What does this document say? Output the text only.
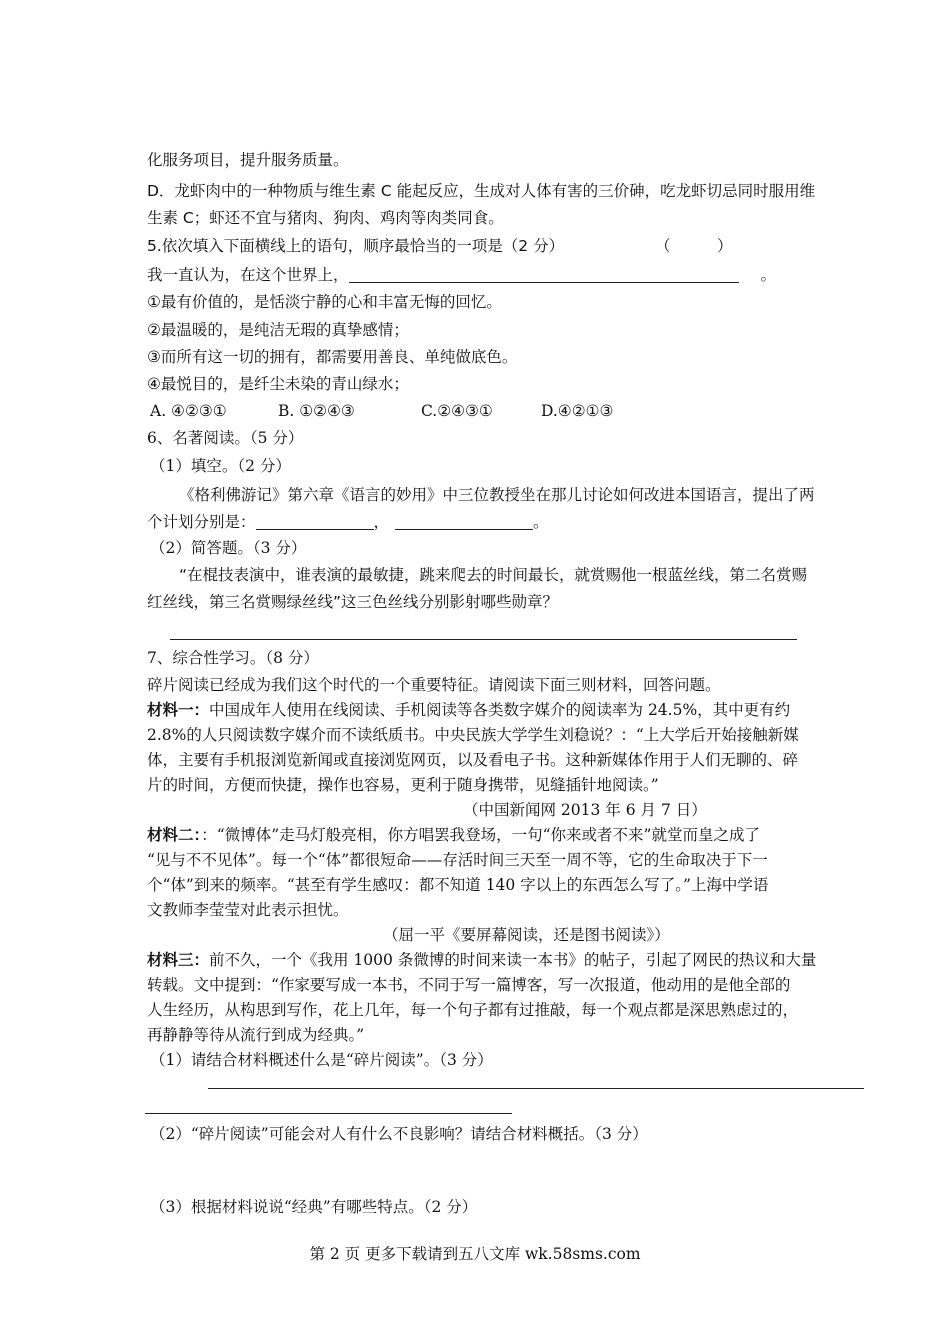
化服务项目，提升服务质量。
D．龙虾肉中的一种物质与维生素 C 能起反应，生成对人体有害的三价砷，吃龙虾切忌同时服用维
生素 C；虾还不宜与猪肉、狗肉、鸡肉等肉类同食。
5.依次填入下面横线上的语句，顺序最恰当的一项是（2 分）	（　　　）
我一直认为，在这个世界上，	。
①最有价值的，是恬淡宁静的心和丰富无悔的回忆。
②最温暖的，是纯洁无瑕的真挚感情；
③而所有这一切的拥有，都需要用善良、单纯做底色。
④最悦目的，是纤尘未染的青山绿水；
A. ④②③①	B. ①②④③	C.②④③①	D.④②①③
6、名著阅读。（5 分）
（1）填空。（2 分）
《格利佛游记》第六章《语言的妙用》中三位教授坐在那儿讨论如何改进本国语言，提出了两
个计划分别是：	，	。
（2）简答题。（3 分）
“在棍技表演中，谁表演的最敏捷，跳来爬去的时间最长，就赏赐他一根蓝丝线，第二名赏赐
红丝线，第三名赏赐绿丝线”这三色丝线分别影射哪些勋章？
7、综合性学习。（8 分）
碎片阅读已经成为我们这个时代的一个重要特征。请阅读下面三则材料，回答问题。
材料一：中国成年人使用在线阅读、手机阅读等各类数字媒介的阅读率为 24.5%，其中更有约
2.8%的人只阅读数字媒介而不读纸质书。中央民族大学学生刘稳说？：“上大学后开始接触新媒
体，主要有手机报浏览新闻或直接浏览网页，以及看电子书。这种新媒体作用于人们无聊的、碎
片的时间，方便而快捷，操作也容易，更利于随身携带，见缝插针地阅读。”
（中国新闻网 2013 年 6 月 7 日）
材料二：：“微博体”走马灯般亮相，你方唱罢我登场，一句“你来或者不来”就堂而皇之成了
“见与不不见体”。每一个“体”都很短命——存活时间三天至一周不等，它的生命取决于下一
个“体”到来的频率。“甚至有学生感叹：都不知道 140 字以上的东西怎么写了。”上海中学语
文教师李莹莹对此表示担忧。
（屈一平《要屏幕阅读，还是图书阅读》）
材料三：前不久，一个《我用 1000 条微博的时间来读一本书》的帖子，引起了网民的热议和大量
转载。文中提到：“作家要写成一本书，不同于写一篇博客，写一次报道，他动用的是他全部的
人生经历，从构思到写作，花上几年，每一个句子都有过推敲，每一个观点都是深思熟虑过的，
再静静等待从流行到成为经典。”
（1）请结合材料概述什么是“碎片阅读”。（3 分）
（2）“碎片阅读”可能会对人有什么不良影响？请结合材料概括。（3 分）
（3）根据材料说说“经典”有哪些特点。（2 分）
第 2 页 更多下载请到五八文库 wk.58sms.com
